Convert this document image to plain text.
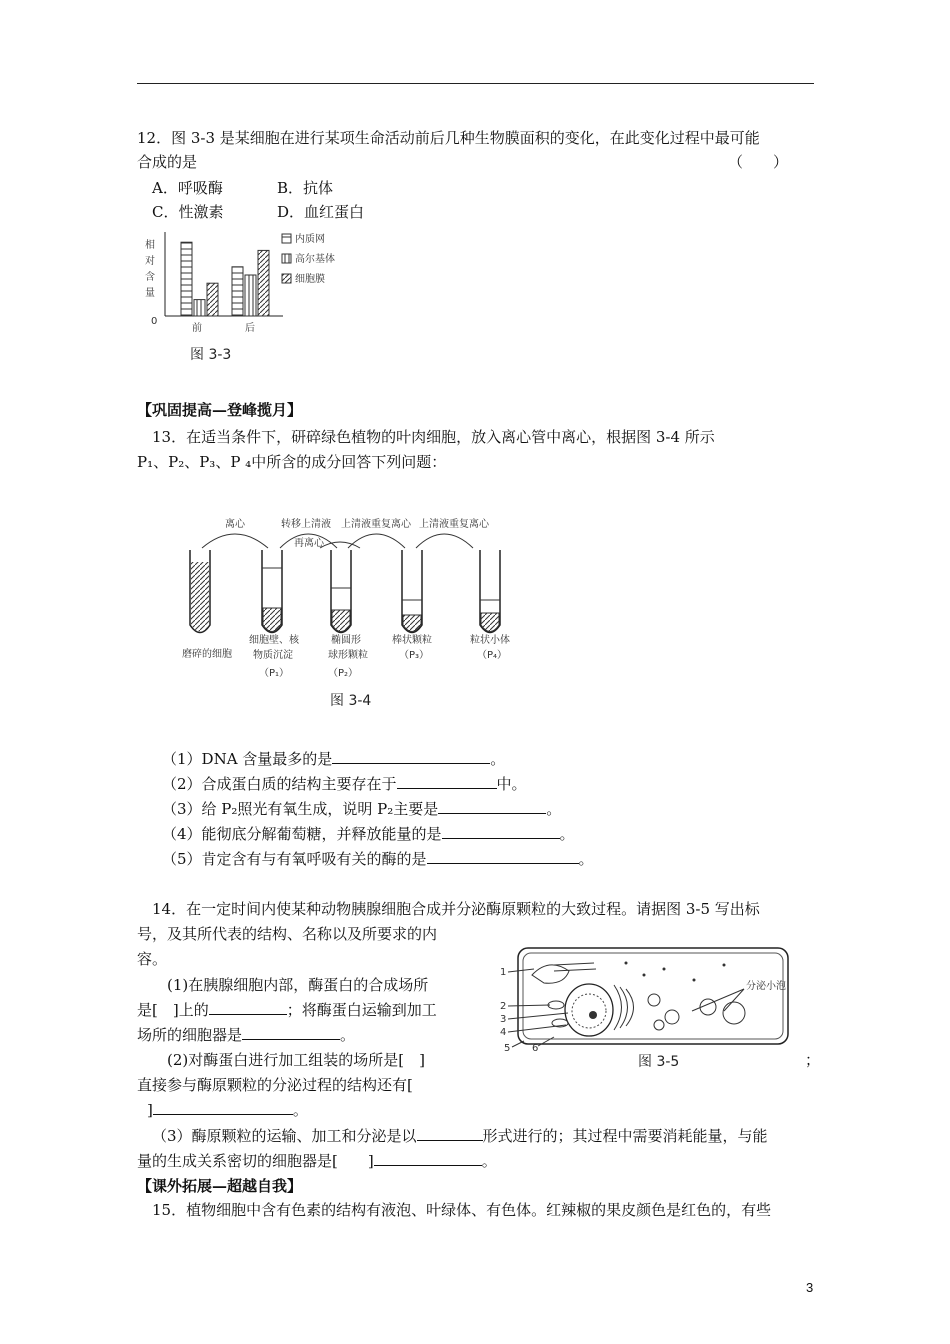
12．图 3-3 是某细胞在进行某项生命活动前后几种生物膜面积的变化，在此变化过程中最可能
合成的是	（　　）
A．呼吸酶	B．抗体
C．性激素	D．血红蛋白
相
对
含
量
0
前	后
内质网
高尔基体
细胞膜
图 3-3
【巩固提高—登峰揽月】
13．在适当条件下，研碎绿色植物的叶肉细胞，放入离心管中离心，根据图 3-4 所示
P₁、P₂、P₃、P ₄中所含的成分回答下列问题：
离心	转移上清液 上清液重复离心 上清液重复离心
再离心
磨碎的细胞
细胞壁、核
物质沉淀
（P₁）
椭圆形
球形颗粒
（P₂）
棒状颗粒
（P₃）
粒状小体
（P₄）
图 3-4
（1）DNA 含量最多的是	。
（2）合成蛋白质的结构主要存在于	中。
（3）给 P₂照光有氧生成，说明 P₂主要是	。
（4）能彻底分解葡萄糖，并释放能量的是	。
（5）肯定含有与有氧呼吸有关的酶的是	。
14．在一定时间内使某种动物胰腺细胞合成并分泌酶原颗粒的大致过程。请据图 3-5 写出标
号，及其所代表的结构、名称以及所要求的内
容。
(1)在胰腺细胞内部，酶蛋白的合成场所
是[　]上的	；将酶蛋白运输到加工
场所的细胞器是	。
(2)对酶蛋白进行加工组装的场所是[　]	；
直接参与酶原颗粒的分泌过程的结构还有[
]	。
（3）酶原颗粒的运输、加工和分泌是以	形式进行的；其过程中需要消耗能量，与能
量的生成关系密切的细胞器是[　　]	。
分泌小泡
1
2
3
4
5 6
图 3-5
【课外拓展—超越自我】
15．植物细胞中含有色素的结构有液泡、叶绿体、有色体。红辣椒的果皮颜色是红色的，有些
3
